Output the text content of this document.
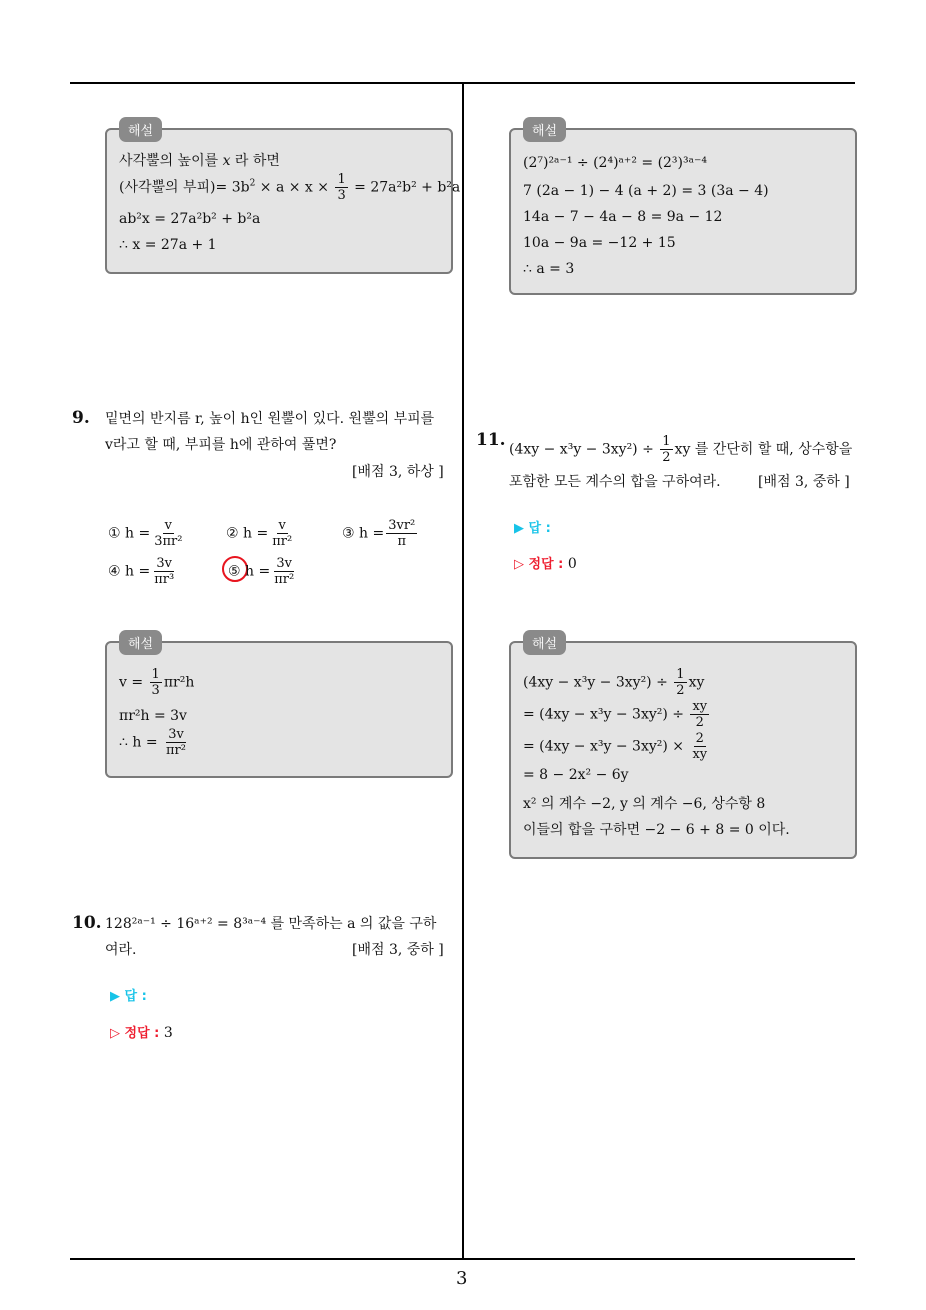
해설
사각뿔의 높이를 x 라 하면
(사각뿔의 부피)= $3b^2 \times a \times x \times \frac{1}{3} = 27a^2b^2 + b^2a$
ab²x = 27a²b² + b²a
∴ x = 27a + 1
9. 밑면의 반지름 r, 높이 h인 원뿔이 있다. 원뿔의 부피를
v라고 할 때, 부피를 h에 관하여 풀면?
[배점 3, 하상 ]
① $h = \frac{v}{\text{3πr²}}$	② $h = \frac{v}{\text{πr²}}$	③ $h = \frac{\text{3vr²}}{\pi}$
④ $h = \frac{3v}{\text{πr³}}$	⑤ $h = \frac{3v}{\text{πr²}}$
해설
$v = \frac{1}{3} \pi r^2h$
πr²h = 3v
∴ $h = \frac{3v}{\text{πr²}}$
10. 128²ᵃ⁻¹ ÷ 16ᵃ⁺² = 8³ᵃ⁻⁴ 를 만족하는 a 의 값을 구하
여라.	[배점 3, 중하 ]
▶ 답 :
▷ 정답 : 3
해설
(2⁷)²ᵃ⁻¹ ÷ (2⁴)ᵃ⁺² = (2³)³ᵃ⁻⁴
7 (2a − 1) − 4 (a + 2) = 3 (3a − 4)
14a − 7 − 4a − 8 = 9a − 12
10a − 9a = −12 + 15
∴ a = 3
11. $(4xy - x^3y - 3xy^2) \div \frac{1}{2}$ xy 를 간단히 할 때, 상수항을
포함한 모든 계수의 합을 구하여라.	[배점 3, 중하 ]
▶ 답 :
▷ 정답 : 0
해설
$(4xy - x^3y - 3xy^2) \div \frac{1}{2}$ xy
= $(4xy - x^3y - 3xy^2) \div \frac{xy}{2}$
= $(4xy - x^3y - 3xy^2) \times \frac{2}{xy}$
= 8 − 2x² − 6y
x² 의 계수 −2, y 의 계수 −6, 상수항 8
이들의 합을 구하면 −2 − 6 + 8 = 0 이다.
3
